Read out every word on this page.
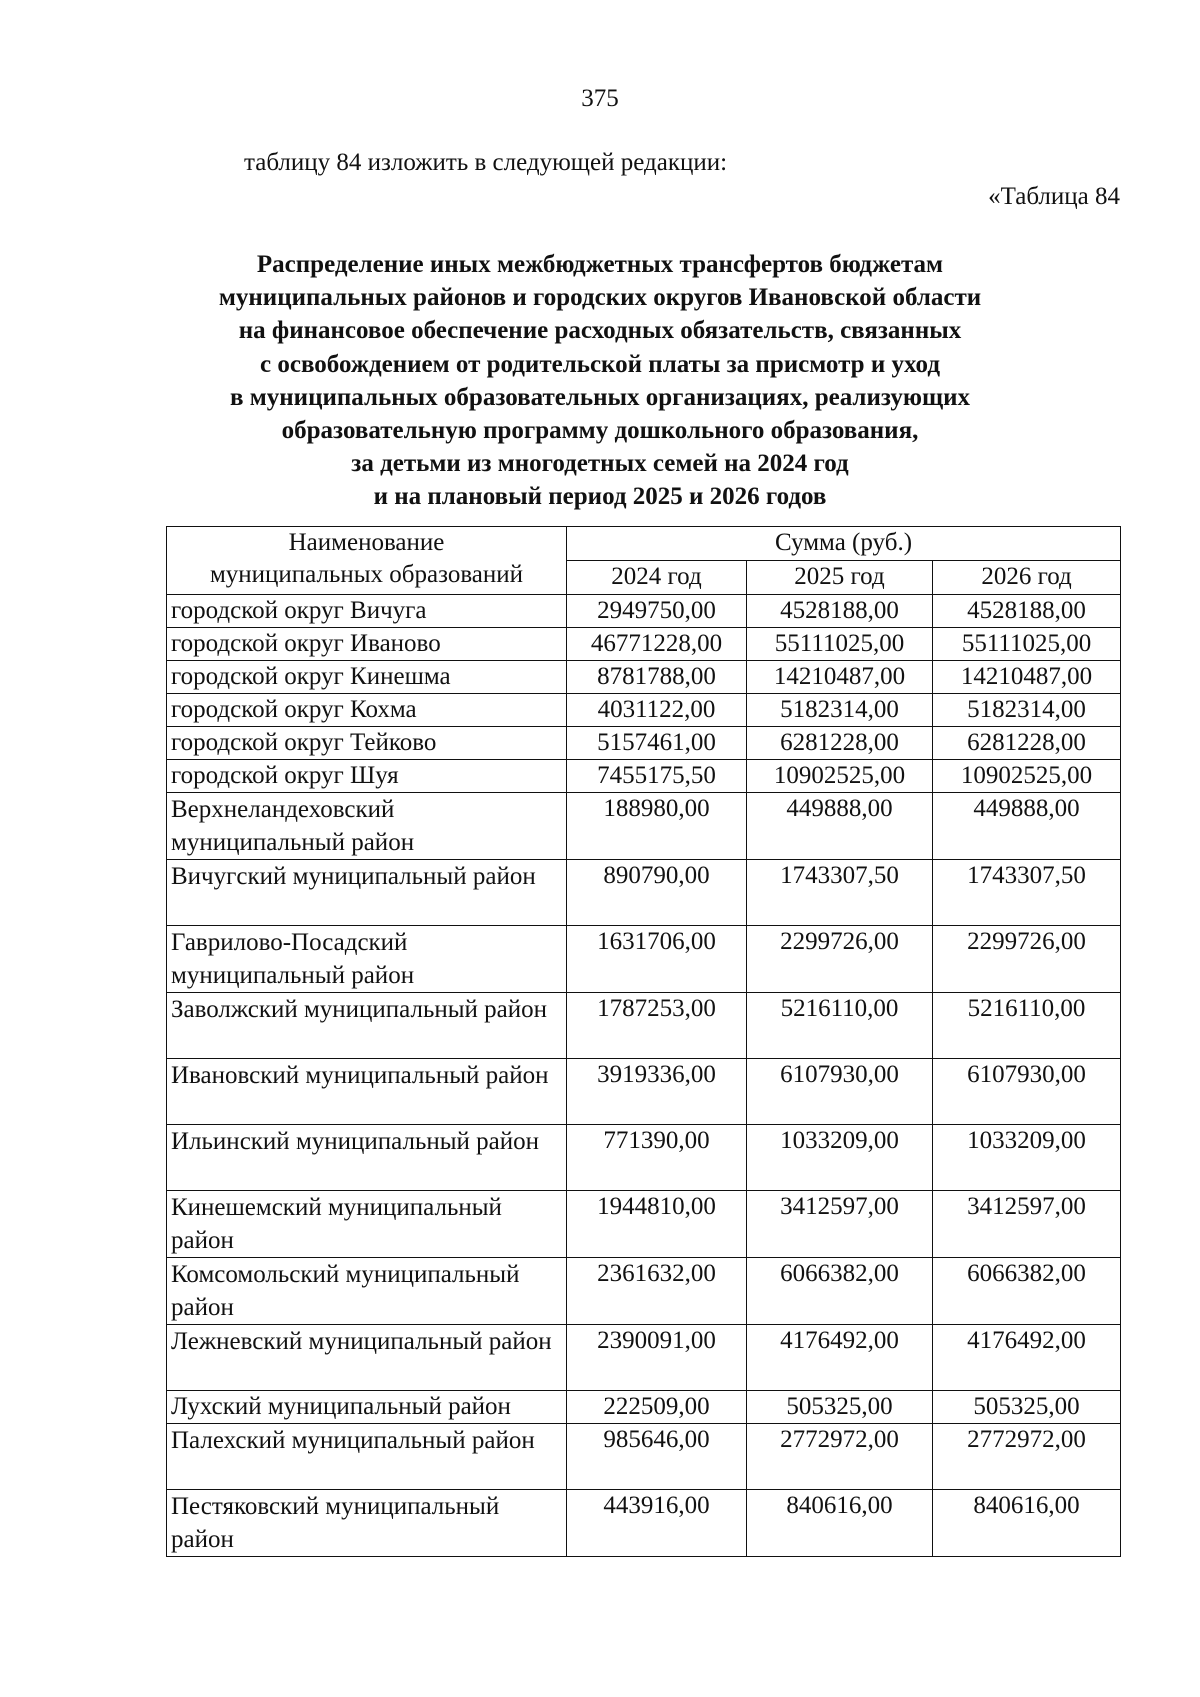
375
таблицу 84 изложить в следующей редакции:
«Таблица 84
Распределение иных межбюджетных трансфертов бюджетам
муниципальных районов и городских округов Ивановской области
на финансовое обеспечение расходных обязательств, связанных
с освобождением от родительской платы за присмотр и уход
в муниципальных образовательных организациях, реализующих
образовательную программу дошкольного образования,
за детьми из многодетных семей на 2024 год
и на плановый период 2025 и 2026 годов
Наименование
муниципальных образований	Сумма (руб.)		
	2024 год	2025 год	2026 год
городской округ Вичуга	2949750,00	4528188,00	4528188,00
городской округ Иваново	46771228,00	55111025,00	55111025,00
городской округ Кинешма	8781788,00	14210487,00	14210487,00
городской округ Кохма	4031122,00	5182314,00	5182314,00
городской округ Тейково	5157461,00	6281228,00	6281228,00
городской округ Шуя	7455175,50	10902525,00	10902525,00
Верхнеландеховский муниципальный район	188980,00	449888,00	449888,00
Вичугский муниципальный район	890790,00	1743307,50	1743307,50
Гаврилово-Посадский муниципальный район	1631706,00	2299726,00	2299726,00
Заволжский муниципальный район	1787253,00	5216110,00	5216110,00
Ивановский муниципальный район	3919336,00	6107930,00	6107930,00
Ильинский муниципальный район	771390,00	1033209,00	1033209,00
Кинешемский муниципальный район	1944810,00	3412597,00	3412597,00
Комсомольский муниципальный район	2361632,00	6066382,00	6066382,00
Лежневский муниципальный район	2390091,00	4176492,00	4176492,00
Лухский муниципальный район	222509,00	505325,00	505325,00
Палехский муниципальный район	985646,00	2772972,00	2772972,00
Пестяковский муниципальный район	443916,00	840616,00	840616,00
